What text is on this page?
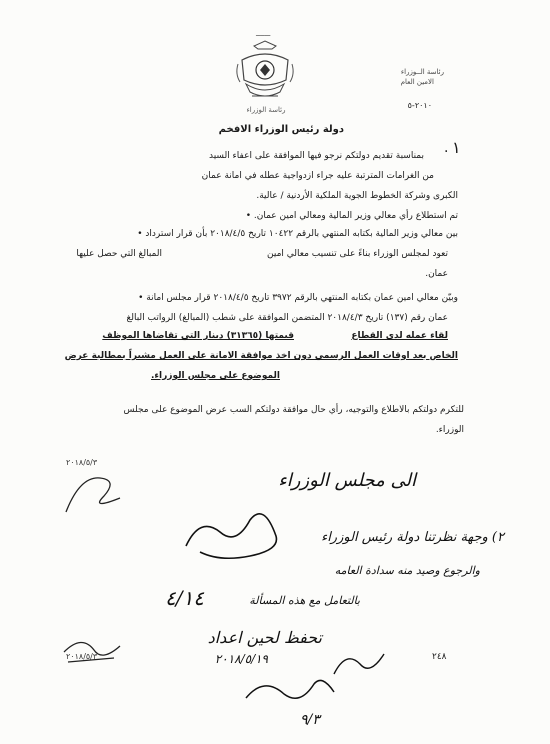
ـــــــ
رئاسة الوزراء
رئاسة الــوزراء
الامين العام
٢٠١٠-٥
دولة رئيس الوزراء الافخم
١
.
بمناسبة تقديم دولتكم نرجو فيها الموافقة على اعفاء السيد
من الغرامات المترتبة عليه جراء ازدواجية عطله في امانة عمان
الكبرى وشركة الخطوط الجوية الملكية الأردنية / عالية.
تم استطلاع رأي معالي وزير المالية ومعالي امين عمان. •
بين معالي وزير المالية بكتابه المنتهي بالرقم ١٠٤٢٢ تاريخ ٢٠١٨/٤/٥ بأن قرار استرداد •
تعود لمجلس الوزراء بناءً على تنسيب معالي امين
المبالغ التي حصل عليها
عمان.
وبيّن معالي امين عمان بكتابه المنتهي بالرقم ٣٩٧٢ تاريخ ٢٠١٨/٤/٥ قرار مجلس امانة •
عمان رقم (١٣٧) تاريخ ٢٠١٨/٤/٣ المتضمن الموافقة على شطب (المبالغ) الرواتب البالغ
لقاء عمله لدى القطاع
قيمتها (٣١٣٦٥) دينار التي تقاضاها الموظف
الخاص بعد اوقات العمل الرسمي دون اخذ موافقة الامانة على العمل مشيراً بمطالبة عرض
الموضوع على مجلس الوزراء.
للتكرم دولتكم بالاطلاع والتوجيه، رأي حال موافقة دولتكم السب عرض الموضوع على مجلس
الوزراء.
٢٠١٨/٥/٣
٢٠١٨/٥/٣
الى مجلس الوزراء
٢) وجهة نظرتنا دولة رئيس الوزراء
والرجوع وصيد منه سدادة العامه
بالتعامل مع هذه المسألة
٤/١٤
تحفظ لحين اعداد
٢٠١٨/٥/١٩	٢٤٨
٩/٣
